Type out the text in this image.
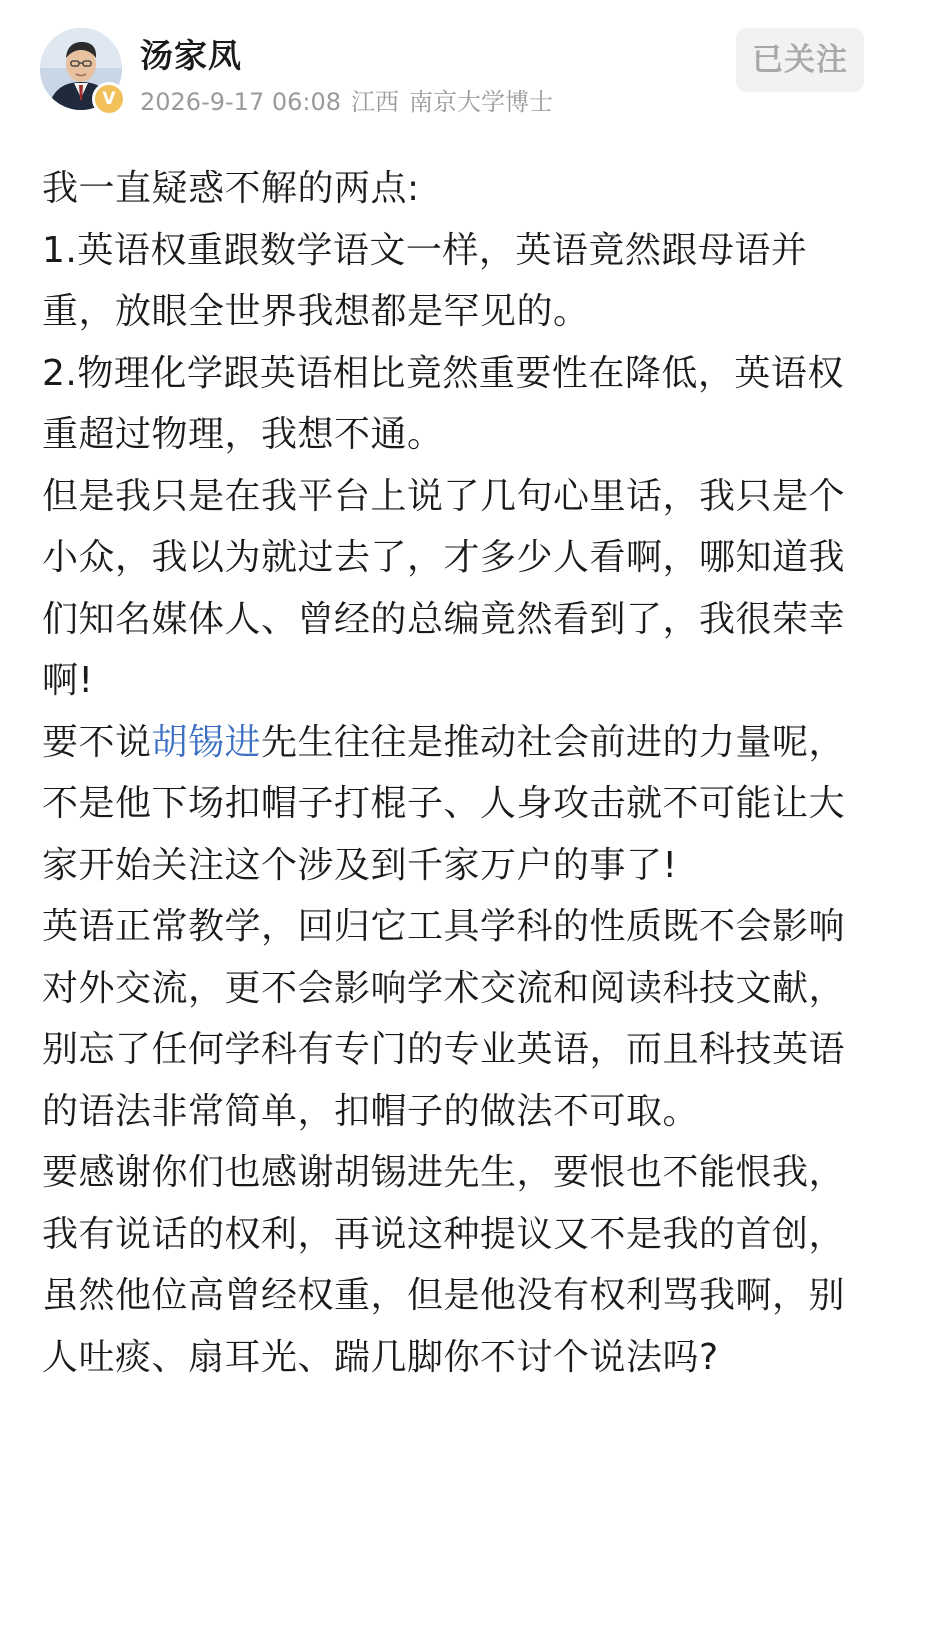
V
汤家凤
2026-9-17 06:08 江西 南京大学博士
已关注

我一直疑惑不解的两点:

1.英语权重跟数学语文一样，英语竟然跟母语并重，放眼全世界我想都是罕见的。

2.物理化学跟英语相比竟然重要性在降低，英语权重超过物理，我想不通。

但是我只是在我平台上说了几句心里话，我只是个小众，我以为就过去了，才多少人看啊，哪知道我们知名媒体人、曾经的总编竟然看到了，我很荣幸啊!

要不说胡锡进先生往往是推动社会前进的力量呢，不是他下场扣帽子打棍子、人身攻击就不可能让大家开始关注这个涉及到千家万户的事了!

英语正常教学，回归它工具学科的性质既不会影响对外交流，更不会影响学术交流和阅读科技文献，别忘了任何学科有专门的专业英语，而且科技英语的语法非常简单，扣帽子的做法不可取。

要感谢你们也感谢胡锡进先生，要恨也不能恨我，我有说话的权利，再说这种提议又不是我的首创，虽然他位高曾经权重，但是他没有权利骂我啊，别人吐痰、扇耳光、踹几脚你不讨个说法吗?
